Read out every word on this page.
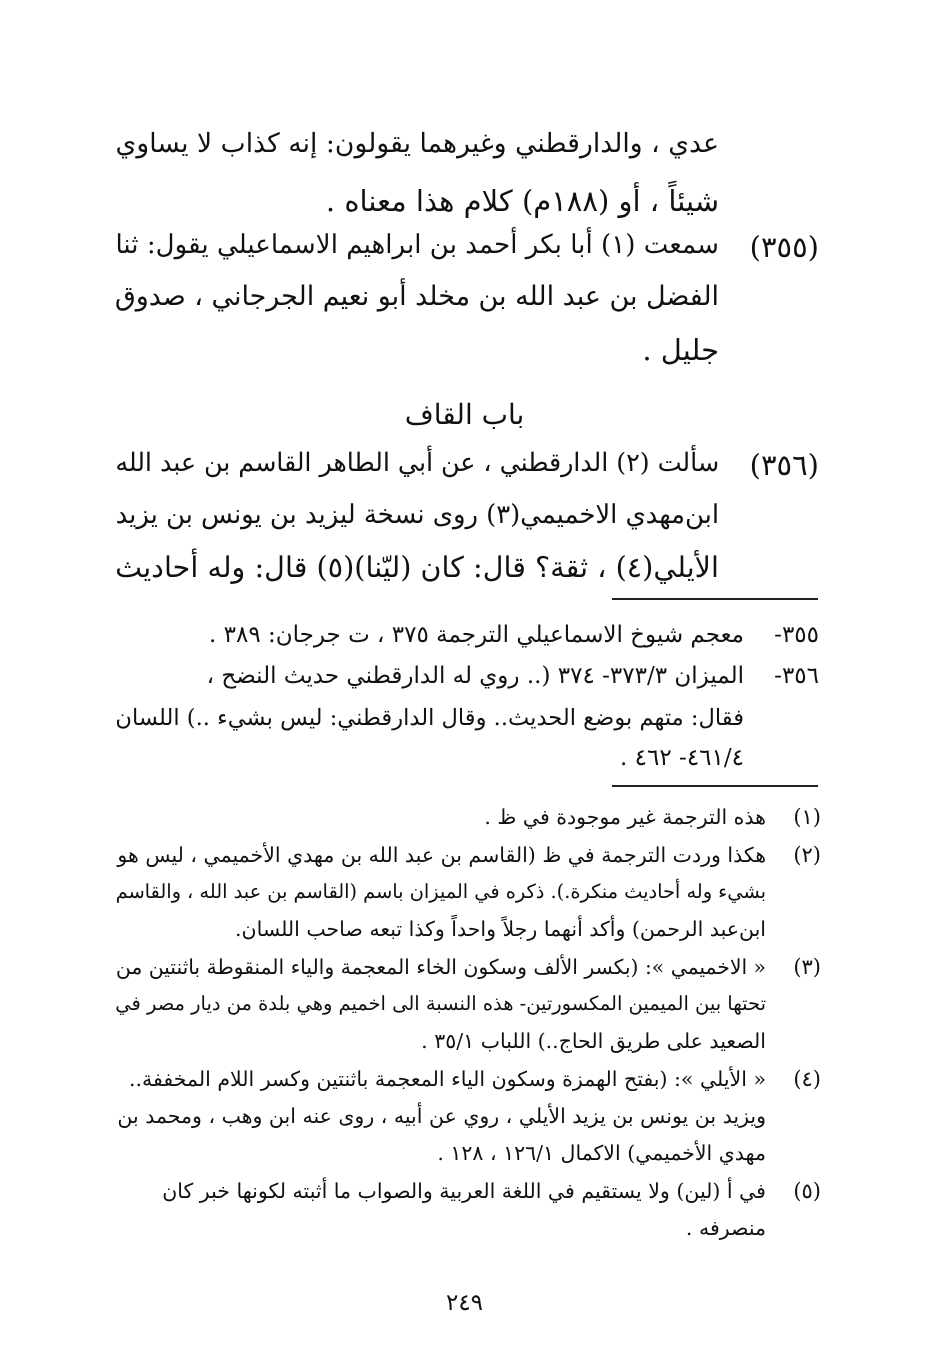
عدي ، والدارقطني وغيرهما يقولون: إنه كذاب لا يساوي
شيئاً ، أو (١٨٨م) كلام هذا معناه .
(٣٥٥)
سمعت (١) أبا بكر أحمد بن ابراهيم الاسماعيلي يقول: ثنا
الفضل بن عبد الله بن مخلد أبو نعيم الجرجاني ، صدوق
جليل .
باب القاف
(٣٥٦)
سألت (٢) الدارقطني ، عن أبي الطاهر القاسم بن عبد الله
ابن‌مهدي الاخميمي(٣) روى نسخة ليزيد بن يونس بن يزيد
الأيلي(٤) ، ثقة؟ قال: كان (ليّنا)(٥) قال: وله أحاديث
٣٥٥-
معجم شيوخ الاسماعيلي الترجمة ٣٧٥ ، ت جرجان: ٣٨٩ .
٣٥٦-
الميزان ٣٧٣/٣- ٣٧٤ (.. روي له الدارقطني حديث النضح ،
فقال: متهم بوضع الحديث.. وقال الدارقطني: ليس بشيء ..) اللسان
٤٦١/٤- ٤٦٢ .
(١)
هذه الترجمة غير موجودة في ظ .
(٢)
هكذا وردت الترجمة في ظ (القاسم بن عبد الله بن مهدي الأخميمي ، ليس هو
بشيء وله أحاديث منكرة.). ذكره في الميزان باسم (القاسم بن عبد الله ، والقاسم
ابن‌عبد الرحمن) وأكد أنهما رجلاً واحداً وكذا تبعه صاحب اللسان.
(٣)
« الاخميمي »: (بكسر الألف وسكون الخاء المعجمة والياء المنقوطة باثنتين من
تحتها بين الميمين المكسورتين- هذه النسبة الى اخميم وهي بلدة من ديار مصر في
الصعيد على طريق الحاج..) اللباب ٣٥/١ .
(٤)
« الأيلي »: (بفتح الهمزة وسكون الياء المعجمة باثنتين وكسر اللام المخففة..
ويزيد بن يونس بن يزيد الأيلي ، روي عن أبيه ، روى عنه ابن وهب ، ومحمد بن
مهدي الأخميمي) الاكمال ١٢٦/١ ، ١٢٨ .
(٥)
في أ (لين) ولا يستقيم في اللغة العربية والصواب ما أثبته لكونها خبر كان
منصرفه .
٢٤٩
